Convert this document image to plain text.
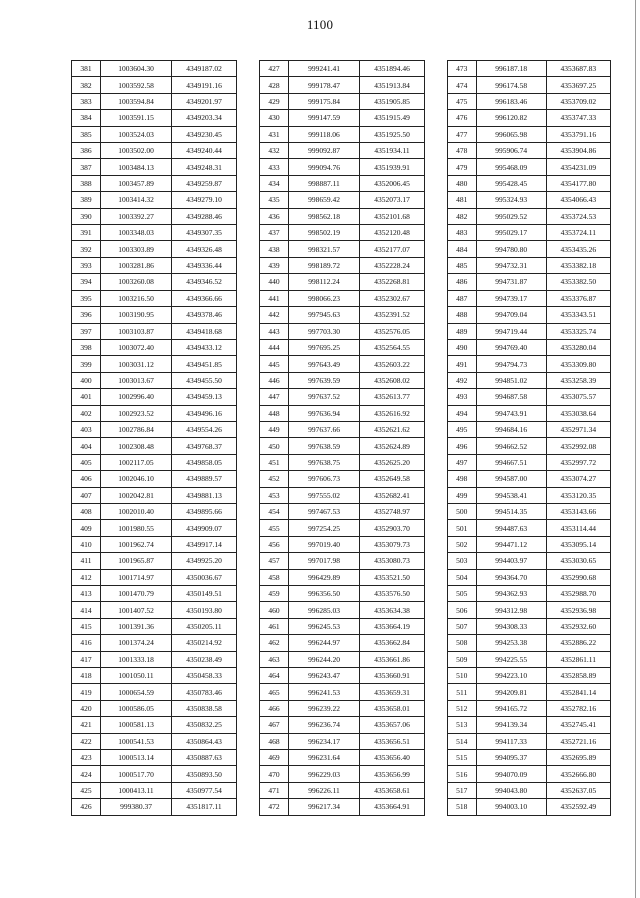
1100
381	1003604.30	4349187.02
382	1003592.58	4349191.16
383	1003594.84	4349201.97
384	1003591.15	4349203.34
385	1003524.03	4349230.45
386	1003502.00	4349240.44
387	1003484.13	4349248.31
388	1003457.89	4349259.87
389	1003414.32	4349279.10
390	1003392.27	4349288.46
391	1003348.03	4349307.35
392	1003303.89	4349326.48
393	1003281.86	4349336.44
394	1003260.08	4349346.52
395	1003216.50	4349366.66
396	1003190.95	4349378.46
397	1003103.87	4349418.68
398	1003072.40	4349433.12
399	1003031.12	4349451.85
400	1003013.67	4349455.50
401	1002996.40	4349459.13
402	1002923.52	4349496.16
403	1002786.84	4349554.26
404	1002308.48	4349768.37
405	1002117.05	4349858.05
406	1002046.10	4349889.57
407	1002042.81	4349881.13
408	1002010.40	4349895.66
409	1001980.55	4349909.07
410	1001962.74	4349917.14
411	1001965.87	4349925.20
412	1001714.97	4350036.67
413	1001470.79	4350149.51
414	1001407.52	4350193.80
415	1001391.36	4350205.11
416	1001374.24	4350214.92
417	1001333.18	4350238.49
418	1001050.11	4350458.33
419	1000654.59	4350783.46
420	1000586.05	4350838.58
421	1000581.13	4350832.25
422	1000541.53	4350864.43
423	1000513.14	4350887.63
424	1000517.70	4350893.50
425	1000413.11	4350977.54
426	999380.37	4351817.11
427	999241.41	4351894.46
428	999178.47	4351913.84
429	999175.84	4351905.85
430	999147.59	4351915.49
431	999118.06	4351925.50
432	999092.87	4351934.11
433	999094.76	4351939.91
434	998887.11	4352006.45
435	998659.42	4352073.17
436	998562.18	4352101.68
437	998502.19	4352120.48
438	998321.57	4352177.07
439	998189.72	4352228.24
440	998112.24	4352268.81
441	998066.23	4352302.67
442	997945.63	4352391.52
443	997703.30	4352576.05
444	997695.25	4352564.55
445	997643.49	4352603.22
446	997639.59	4352608.02
447	997637.52	4352613.77
448	997636.94	4352616.92
449	997637.66	4352621.62
450	997638.59	4352624.89
451	997638.75	4352625.20
452	997606.73	4352649.58
453	997555.02	4352682.41
454	997467.53	4352748.97
455	997254.25	4352903.70
456	997019.40	4353079.73
457	997017.98	4353080.73
458	996429.89	4353521.50
459	996356.50	4353576.50
460	996285.03	4353634.38
461	996245.53	4353664.19
462	996244.97	4353662.84
463	996244.20	4353661.86
464	996243.47	4353660.91
465	996241.53	4353659.31
466	996239.22	4353658.01
467	996236.74	4353657.06
468	996234.17	4353656.51
469	996231.64	4353656.40
470	996229.03	4353656.99
471	996226.11	4353658.61
472	996217.34	4353664.91
473	996187.18	4353687.83
474	996174.58	4353697.25
475	996183.46	4353709.02
476	996120.82	4353747.33
477	996065.98	4353791.16
478	995906.74	4353904.86
479	995468.09	4354231.09
480	995428.45	4354177.80
481	995324.93	4354066.43
482	995029.52	4353724.53
483	995029.17	4353724.11
484	994780.80	4353435.26
485	994732.31	4353382.18
486	994731.87	4353382.50
487	994739.17	4353376.87
488	994709.04	4353343.51
489	994719.44	4353325.74
490	994769.40	4353280.04
491	994794.73	4353309.80
492	994851.02	4353258.39
493	994687.58	4353075.57
494	994743.91	4353038.64
495	994684.16	4352971.34
496	994662.52	4352992.08
497	994667.51	4352997.72
498	994587.00	4353074.27
499	994538.41	4353120.35
500	994514.35	4353143.66
501	994487.63	4353114.44
502	994471.12	4353095.14
503	994403.97	4353030.65
504	994364.70	4352990.68
505	994362.93	4352988.70
506	994312.98	4352936.98
507	994308.33	4352932.60
508	994253.38	4352886.22
509	994225.55	4352861.11
510	994223.10	4352858.89
511	994209.81	4352841.14
512	994165.72	4352782.16
513	994139.34	4352745.41
514	994117.33	4352721.16
515	994095.37	4352695.89
516	994070.09	4352666.80
517	994043.80	4352637.05
518	994003.10	4352592.49
